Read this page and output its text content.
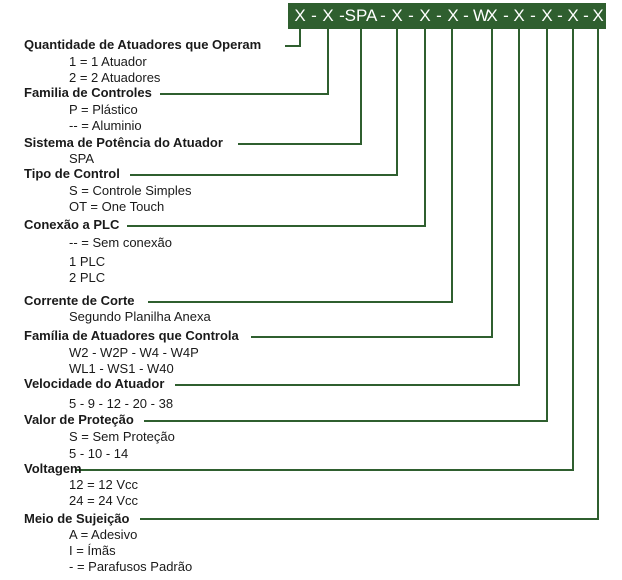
X - X - SPA - X - X - X - W
X - X - X - X - X
Quantidade de Atuadores que Operam
1 = 1 Atuador
2 = 2 Atuadores
Familia de Controles
P = Plástico
-- = Aluminio
Sistema de Potência do Atuador
SPA
Tipo de Control
S = Controle Simples
OT = One Touch
Conexão a PLC
-- = Sem conexão
1 PLC
2 PLC
Corrente de Corte
Segundo Planilha Anexa
Família de Atuadores que Controla
W2 - W2P - W4 - W4P
WL1 - WS1 - W40
Velocidade do Atuador
5 - 9 - 12 - 20 - 38
Valor de Proteção
S = Sem Proteção
5 - 10 - 14
Voltagem
12 = 12 Vcc
24 = 24 Vcc
Meio de Sujeição
A = Adesivo
I = Ímãs
- = Parafusos Padrão
